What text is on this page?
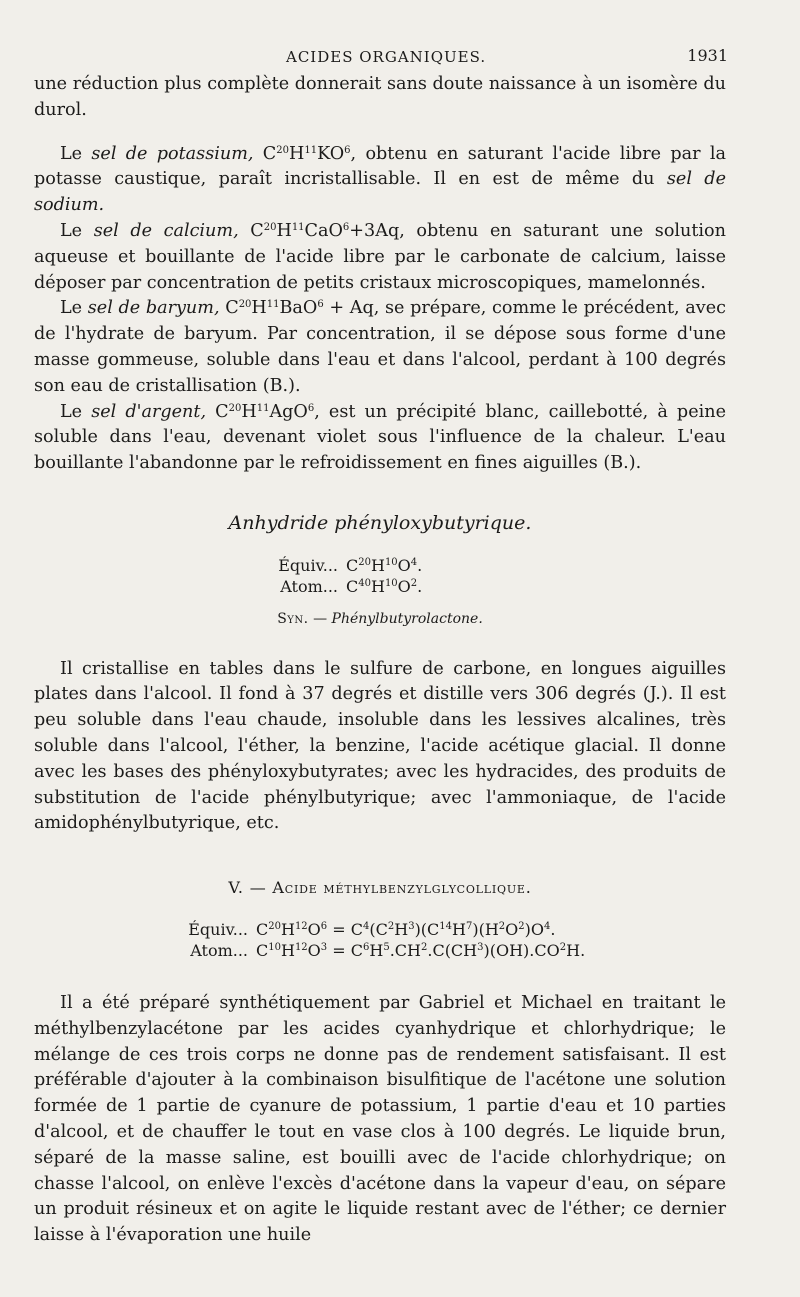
ACIDES ORGANIQUES.	1931

une réduction plus complète donnerait sans doute naissance à un isomère du durol.

Le sel de potassium, $C^{20}H^{11}KO^6$, obtenu en saturant l'acide libre par la potasse caustique, paraît incristallisable. Il en est de même du sel de sodium.

Le sel de calcium, $C^{20}H^{11}CaO^6+3Aq$, obtenu en saturant une solution aqueuse et bouillante de l'acide libre par le carbonate de calcium, laisse déposer par concentration de petits cristaux microscopiques, mamelonnés.

Le sel de baryum, $C^{20}H^{11}BaO^6 + Aq$, se prépare, comme le précédent, avec de l'hydrate de baryum. Par concentration, il se dépose sous forme d'une masse gommeuse, soluble dans l'eau et dans l'alcool, perdant à 100 degrés son eau de cristallisation (B.).

Le sel d'argent, $C^{20}H^{11}AgO^6$, est un précipité blanc, caillebotté, à peine soluble dans l'eau, devenant violet sous l'influence de la chaleur. L'eau bouillante l'abandonne par le refroidissement en fines aiguilles (B.).

Anhydride phényloxybutyrique.
Équiv... $C^{20}H^{10}O^4$.
Atom... $C^{40}H^{10}O^2$.
Syn. — Phénylbutyrolactone.

Il cristallise en tables dans le sulfure de carbone, en longues aiguilles plates dans l'alcool. Il fond à 37 degrés et distille vers 306 degrés (J.). Il est peu soluble dans l'eau chaude, insoluble dans les lessives alcalines, très soluble dans l'alcool, l'éther, la benzine, l'acide acétique glacial. Il donne avec les bases des phényloxybutyrates; avec les hydracides, des produits de substitution de l'acide phénylbutyrique; avec l'ammoniaque, de l'acide amidophénylbutyrique, etc.

V. — Acide méthylbenzylglycollique.
Équiv... $C^{20}H^{12}O^6 = C^4(C^2H^3)(C^{14}H^7)(H^2O^2)O^4$.
Atom... $C^{10}H^{12}O^3 = C^6H^5.CH^2.C(CH^3)(OH).CO^2H$.

Il a été préparé synthétiquement par Gabriel et Michael en traitant le méthylbenzylacétone par les acides cyanhydrique et chlorhydrique; le mélange de ces trois corps ne donne pas de rendement satisfaisant. Il est préférable d'ajouter à la combinaison bisulfitique de l'acétone une solution formée de 1 partie de cyanure de potassium, 1 partie d'eau et 10 parties d'alcool, et de chauffer le tout en vase clos à 100 degrés. Le liquide brun, séparé de la masse saline, est bouilli avec de l'acide chlorhydrique; on chasse l'alcool, on enlève l'excès d'acétone dans la vapeur d'eau, on sépare un produit résineux et on agite le liquide restant avec de l'éther; ce dernier laisse à l'évaporation une huile
